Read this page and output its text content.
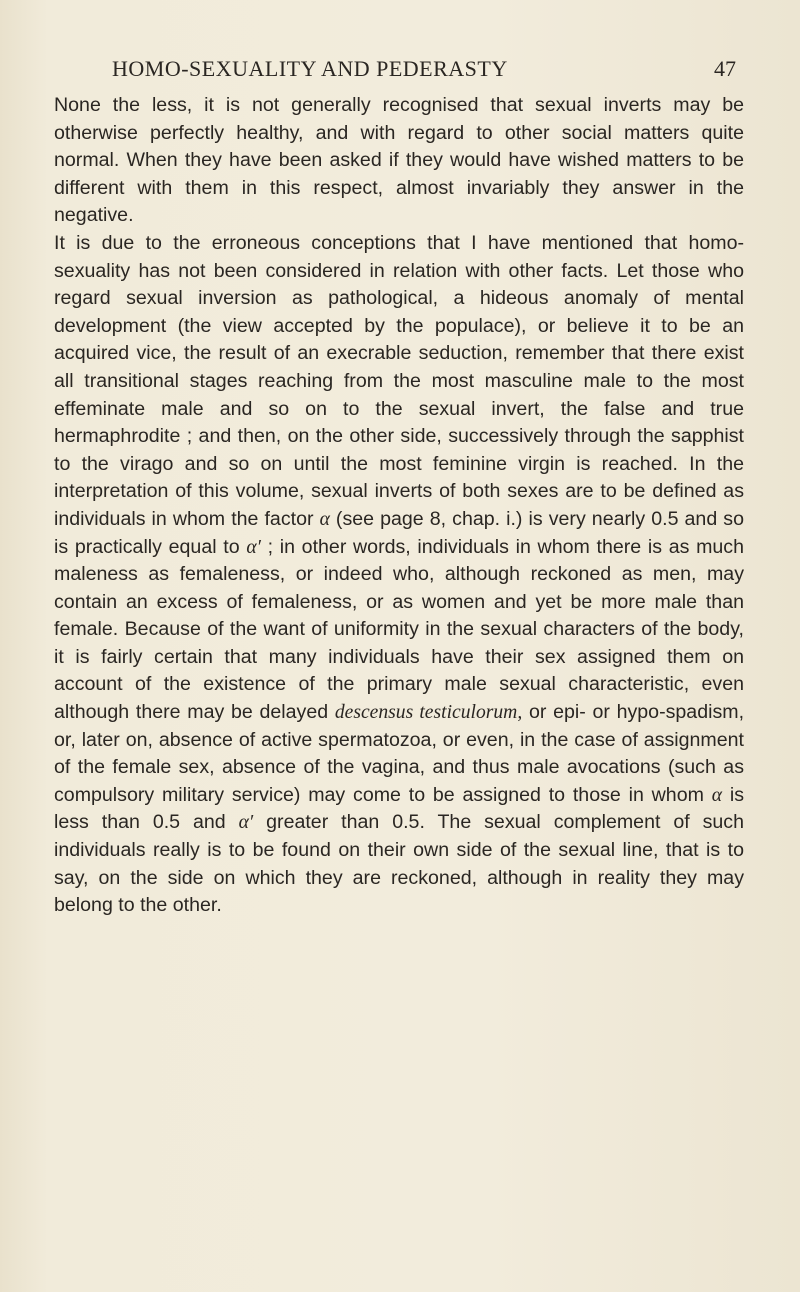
HOMO-SEXUALITY AND PEDERASTY	47

None the less, it is not generally recognised that sexual inverts may be otherwise perfectly healthy, and with regard to other social matters quite normal. When they have been asked if they would have wished matters to be different with them in this respect, almost invariably they answer in the negative.

It is due to the erroneous conceptions that I have mentioned that homo-sexuality has not been considered in relation with other facts. Let those who regard sexual inversion as pathological, a hideous anomaly of mental development (the view accepted by the populace), or believe it to be an acquired vice, the result of an execrable seduction, remember that there exist all transitional stages reaching from the most masculine male to the most effeminate male and so on to the sexual invert, the false and true hermaphrodite ; and then, on the other side, successively through the sapphist to the virago and so on until the most feminine virgin is reached. In the interpretation of this volume, sexual inverts of both sexes are to be defined as individuals in whom the factor α (see page 8, chap. i.) is very nearly 0.5 and so is practically equal to α′ ; in other words, individuals in whom there is as much maleness as femaleness, or indeed who, although reckoned as men, may contain an excess of femaleness, or as women and yet be more male than female. Because of the want of uniformity in the sexual characters of the body, it is fairly certain that many individuals have their sex assigned them on account of the existence of the primary male sexual characteristic, even although there may be delayed descensus testiculorum, or epi- or hypo-spadism, or, later on, absence of active spermatozoa, or even, in the case of assignment of the female sex, absence of the vagina, and thus male avocations (such as compulsory military service) may come to be assigned to those in whom α is less than 0.5 and α′ greater than 0.5. The sexual complement of such individuals really is to be found on their own side of the sexual line, that is to say, on the side on which they are reckoned, although in reality they may belong to the other.
